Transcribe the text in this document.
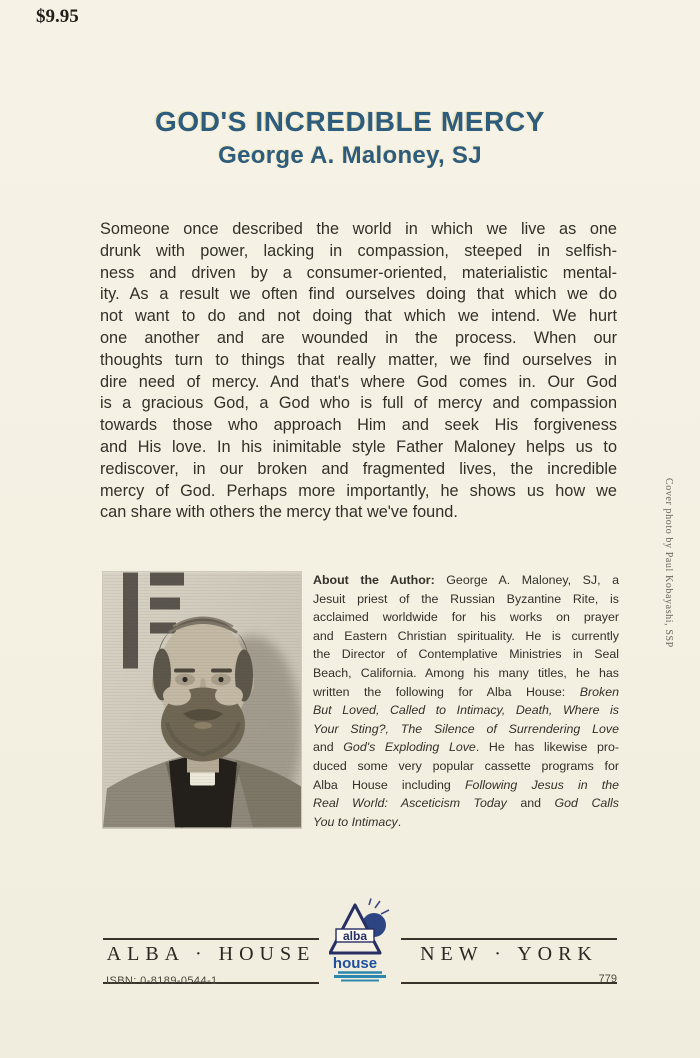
$9.95
GOD'S INCREDIBLE MERCY
George A. Maloney, SJ
Someone once described the world in which we live as one
drunk with power, lacking in compassion, steeped in selfish-
ness and driven by a consumer-oriented, materialistic mental-
ity. As a result we often find ourselves doing that which we do
not want to do and not doing that which we intend. We hurt
one another and are wounded in the process. When our
thoughts turn to things that really matter, we find ourselves in
dire need of mercy. And that's where God comes in. Our God
is a gracious God, a God who is full of mercy and compassion
towards those who approach Him and seek His forgiveness
and His love. In his inimitable style Father Maloney helps us to
rediscover, in our broken and fragmented lives, the incredible
mercy of God. Perhaps more importantly, he shows us how we
can share with others the mercy that we've found.
About the Author: George A. Maloney, SJ, a
Jesuit priest of the Russian Byzantine Rite, is
acclaimed worldwide for his works on prayer
and Eastern Christian spirituality. He is currently
the Director of Contemplative Ministries in Seal
Beach, California. Among his many titles, he has
written the following for Alba House: Broken
But Loved, Called to Intimacy, Death, Where is
Your Sting?, The Silence of Surrendering Love
and God's Exploding Love. He has likewise pro-
duced some very popular cassette programs for
Alba House including Following Jesus in the
Real World: Asceticism Today and God Calls
You to Intimacy.
Cover photo by Paul Kobayashi, SSP
ALBA · HOUSE
alba
house	NEW · YORK
ISBN: 0-8189-0544-1	779
